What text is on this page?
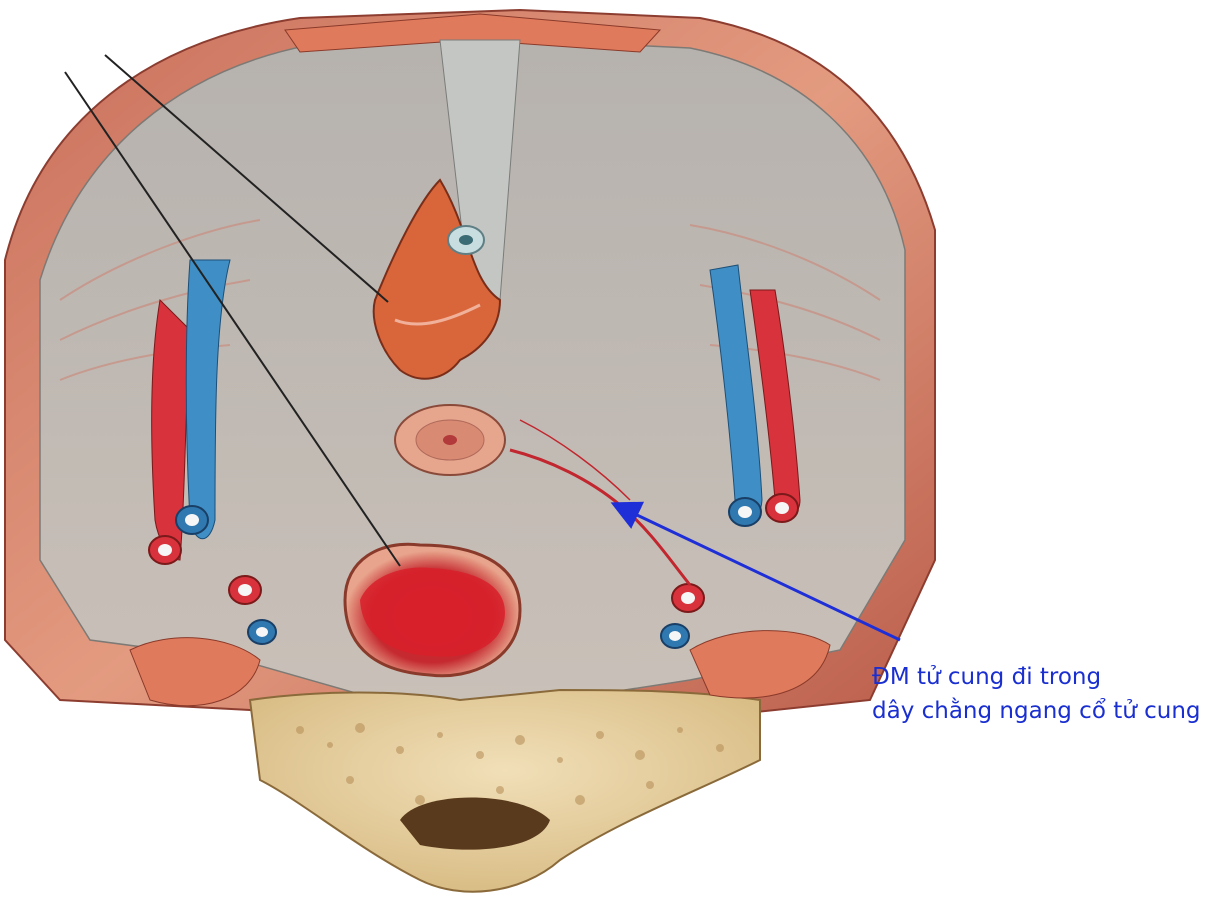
ĐM tử cung đi trong
dây chằng ngang cổ tử cung
